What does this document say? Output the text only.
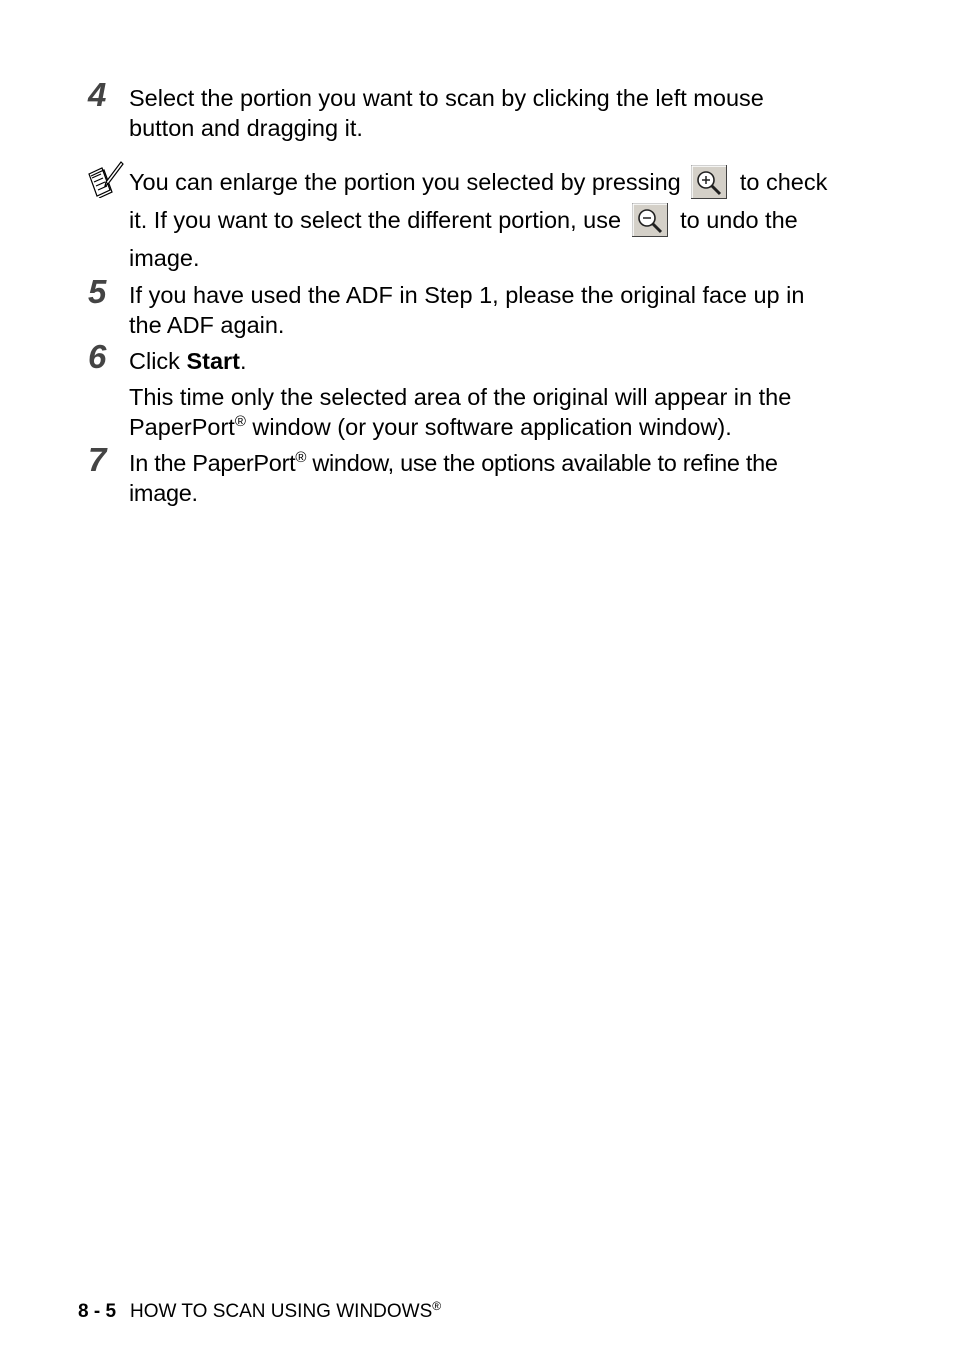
4 Select the portion you want to scan by clicking the left mouse button and dragging it.
You can enlarge the portion you selected by pressing	to check it. If you want to select the different portion, use	to undo the image.
5 If you have used the ADF in Step 1, please the original face up in the ADF again.
6 Click Start.
This time only the selected area of the original will appear in the PaperPort® window (or your software application window).
7 In the PaperPort® window, use the options available to refine the image.
8 - 5 HOW TO SCAN USING WINDOWS®
